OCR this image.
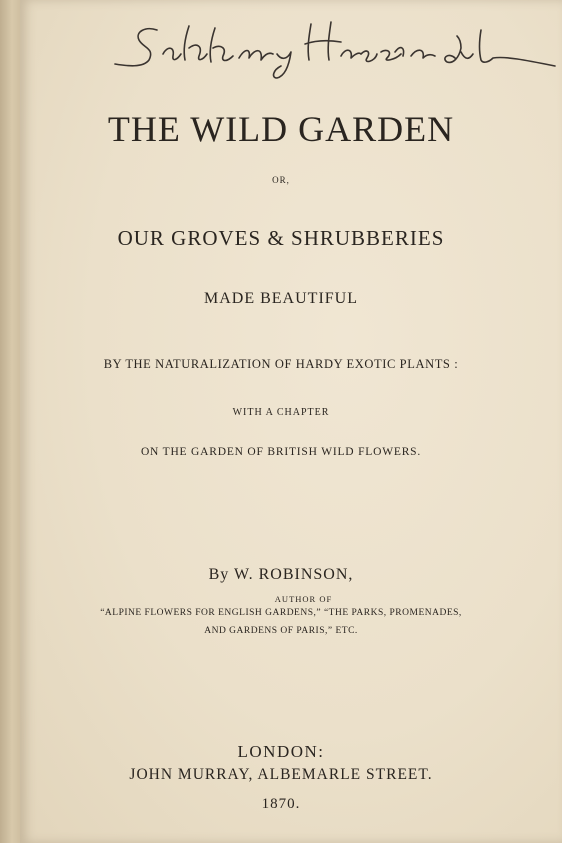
THE WILD GARDEN
OR,
OUR GROVES & SHRUBBERIES
MADE BEAUTIFUL
BY THE NATURALIZATION OF HARDY EXOTIC PLANTS :
WITH A CHAPTER
ON THE GARDEN OF BRITISH WILD FLOWERS.
By W. ROBINSON,
AUTHOR OF
“ALPINE FLOWERS FOR ENGLISH GARDENS,” “THE PARKS, PROMENADES,
AND GARDENS OF PARIS,” ETC.
LONDON:
JOHN MURRAY, ALBEMARLE STREET.
1870.
